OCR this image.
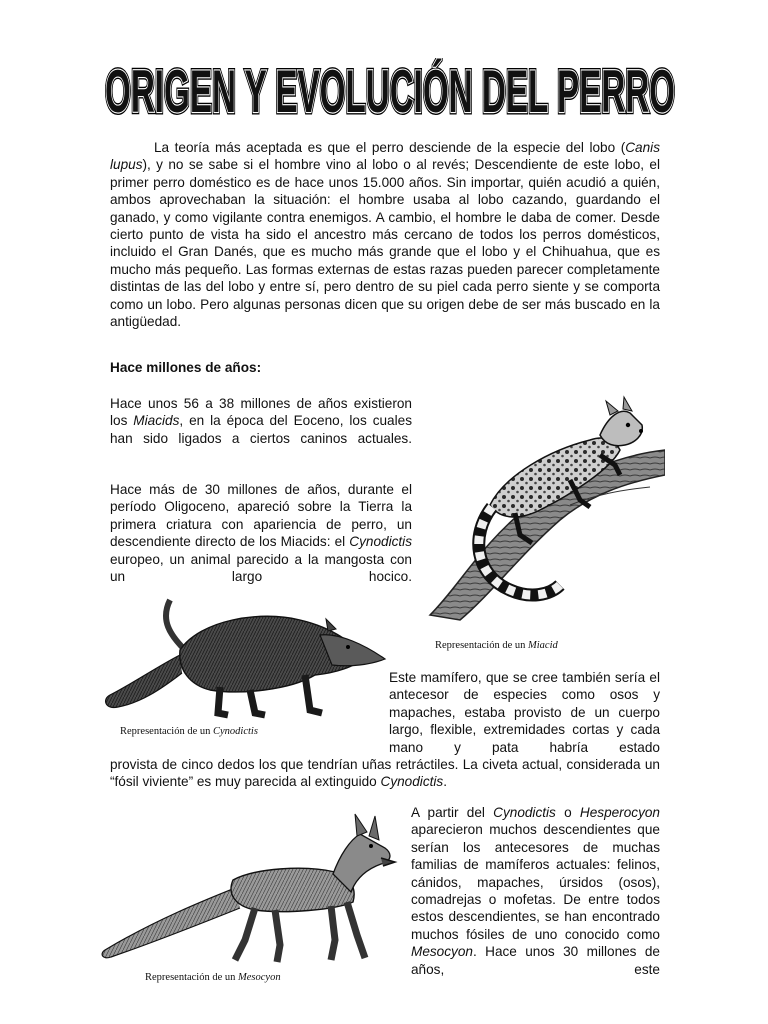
ORIGEN Y EVOLUCIÓN DEL PERRO
ORIGEN Y EVOLUCIÓN DEL PERRO
ORIGEN Y EVOLUCIÓN DEL PERRO

La teoría más aceptada es que el perro desciende de la especie del lobo (Canis lupus), y no se sabe si el hombre vino al lobo o al revés; Descendiente de este lobo, el primer perro doméstico es de hace unos 15.000 años. Sin importar, quién acudió a quién, ambos aprovechaban la situación: el hombre usaba al lobo cazando, guardando el ganado, y como vigilante contra enemigos. A cambio, el hombre le daba de comer. Desde cierto punto de vista ha sido el ancestro más cercano de todos los perros domésticos, incluido el Gran Danés, que es mucho más grande que el lobo y el Chihuahua, que es mucho más pequeño. Las formas externas de estas razas pueden parecer completamente distintas de las del lobo y entre sí, pero dentro de su piel cada perro siente y se comporta como un lobo. Pero algunas personas dicen que su origen debe de ser más buscado en la antigüedad.

Hace millones de años:

Hace unos 56 a 38 millones de años existieron los Miacids, en la época del Eoceno, los cuales han sido ligados a ciertos caninos actuales.

Hace más de 30 millones de años, durante el período Oligoceno, apareció sobre la Tierra la primera criatura con apariencia de perro, un descendiente directo de los Miacids: el Cynodictis europeo, un animal parecido a la mangosta con un largo hocico.

Representación de un Miacid
Representación de un Cynodictis

Este mamífero, que se cree también sería el antecesor de especies como osos y mapaches, estaba provisto de un cuerpo largo, flexible, extremidades cortas y cada mano y pata habría estado

provista de cinco dedos los que tendrían uñas retráctiles. La civeta actual, considerada un “fósil viviente” es muy parecida al extinguido Cynodictis.

Representación de un Mesocyon

A partir del Cynodictis o Hesperocyon aparecieron muchos descendientes que serían los antecesores de muchas familias de mamíferos actuales: felinos, cánidos, mapaches, úrsidos (osos), comadrejas o mofetas. De entre todos estos descendientes, se han encontrado muchos fósiles de uno conocido como Mesocyon. Hace unos 30 millones de años, este
